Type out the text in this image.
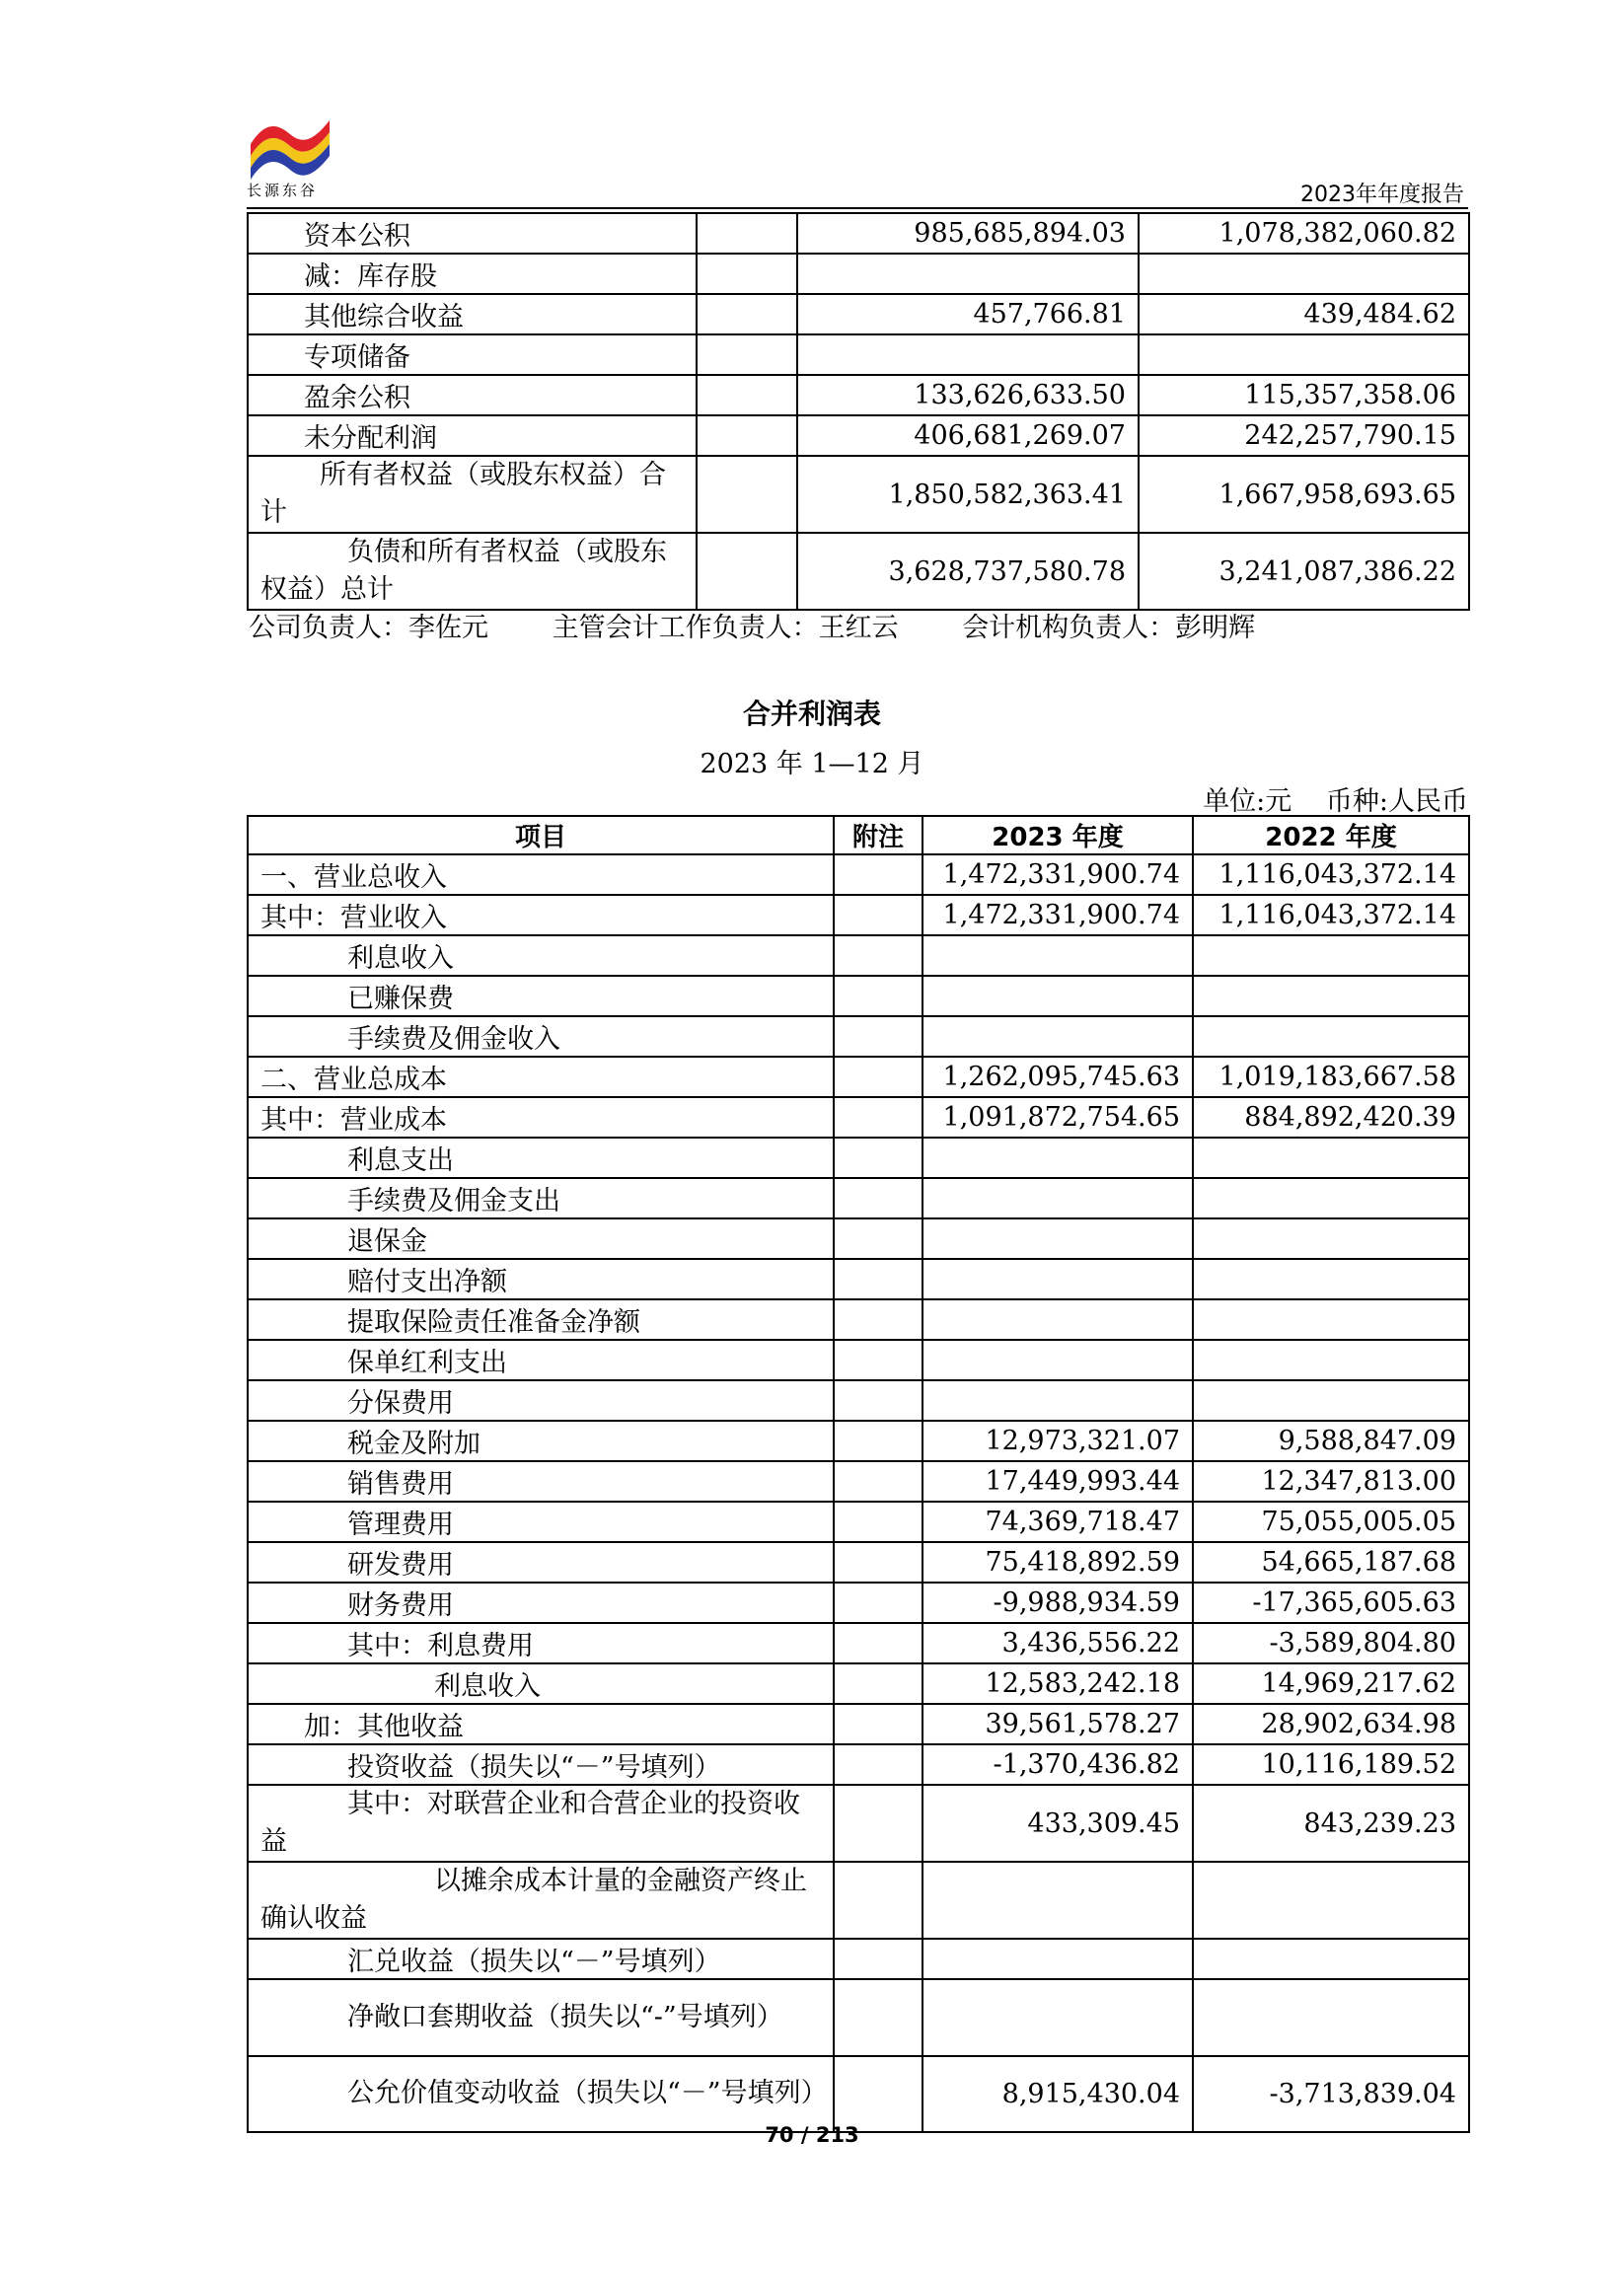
长源东谷	2023年年度报告
资本公积		985,685,894.03	1,078,382,060.82
减：库存股			
其他综合收益		457,766.81	439,484.62
专项储备			
盈余公积		133,626,633.50	115,357,358.06
未分配利润		406,681,269.07	242,257,790.15
所有者权益（或股东权益）合计		1,850,582,363.41	1,667,958,693.65
负债和所有者权益（或股东权益）总计		3,628,737,580.78	3,241,087,386.22
公司负责人：李佐元 主管会计工作负责人：王红云 会计机构负责人：彭明辉
合并利润表
2023 年 1—12 月
单位:元 币种:人民币
项目	附注	2023 年度	2022 年度
一、营业总收入		1,472,331,900.74	1,116,043,372.14
其中：营业收入		1,472,331,900.74	1,116,043,372.14
利息收入			
已赚保费			
手续费及佣金收入			
二、营业总成本		1,262,095,745.63	1,019,183,667.58
其中：营业成本		1,091,872,754.65	884,892,420.39
利息支出			
手续费及佣金支出			
退保金			
赔付支出净额			
提取保险责任准备金净额			
保单红利支出			
分保费用			
税金及附加		12,973,321.07	9,588,847.09
销售费用		17,449,993.44	12,347,813.00
管理费用		74,369,718.47	75,055,005.05
研发费用		75,418,892.59	54,665,187.68
财务费用		-9,988,934.59	-17,365,605.63
其中：利息费用		3,436,556.22	-3,589,804.80
利息收入		12,583,242.18	14,969,217.62
加：其他收益		39,561,578.27	28,902,634.98
投资收益（损失以“－”号填列）		-1,370,436.82	10,116,189.52
其中：对联营企业和合营企业的投资收益		433,309.45	843,239.23
以摊余成本计量的金融资产终止确认收益			
汇兑收益（损失以“－”号填列）			
净敞口套期收益（损失以“-”号填列）			
公允价值变动收益（损失以“－”号填列）		8,915,430.04	-3,713,839.04
70 / 213
